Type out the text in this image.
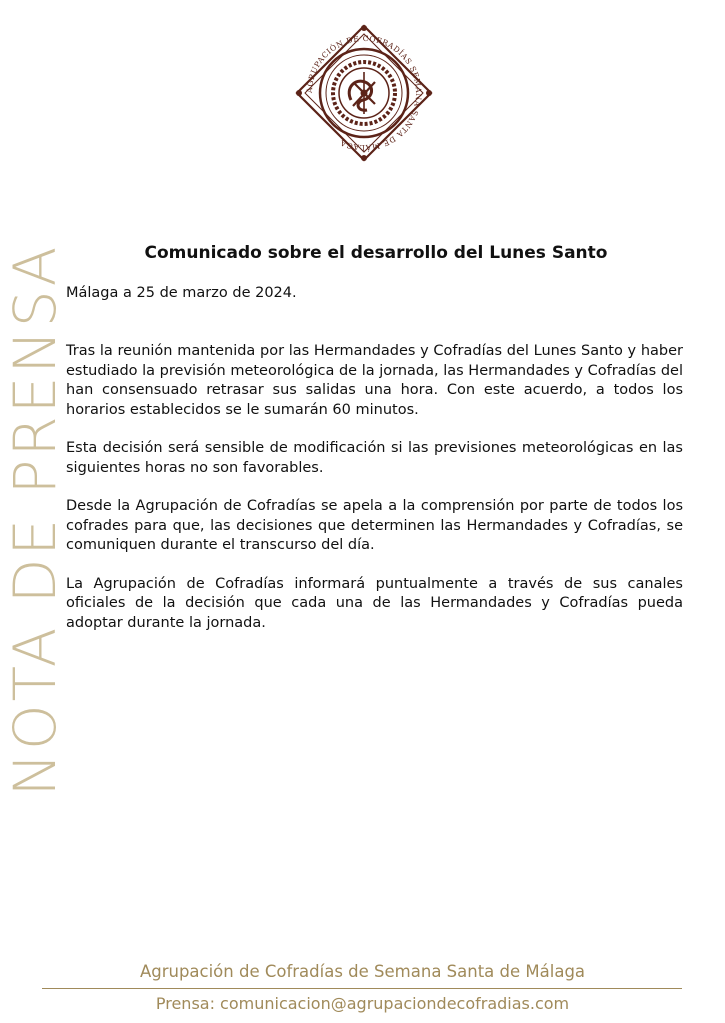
AGRUPACIÓN DE COFRADÍAS SEMANA SANTA DE MÁLAGA
NOTA DE PRENSA	Comunicado sobre el desarrollo del Lunes Santo
Málaga a 25 de marzo de 2024.

Tras la reunión mantenida por las Hermandades y Cofradías del Lunes Santo y haber estudiado la previsión meteorológica de la jornada, las Hermandades y Cofradías del han consensuado retrasar sus salidas una hora. Con este acuerdo, a todos los horarios establecidos se le sumarán 60 minutos.

Esta decisión será sensible de modificación si las previsiones meteorológicas en las siguientes horas no son favorables.

Desde la Agrupación de Cofradías se apela a la comprensión por parte de todos los cofrades para que, las decisiones que determinen las Hermandades y Cofradías, se comuniquen durante el transcurso del día.

La Agrupación de Cofradías informará puntualmente a través de sus canales oficiales de la decisión que cada una de las Hermandades y Cofradías pueda adoptar durante la jornada.

Agrupación de Cofradías de Semana Santa de Málaga
Prensa: comunicacion@agrupaciondecofradias.com
